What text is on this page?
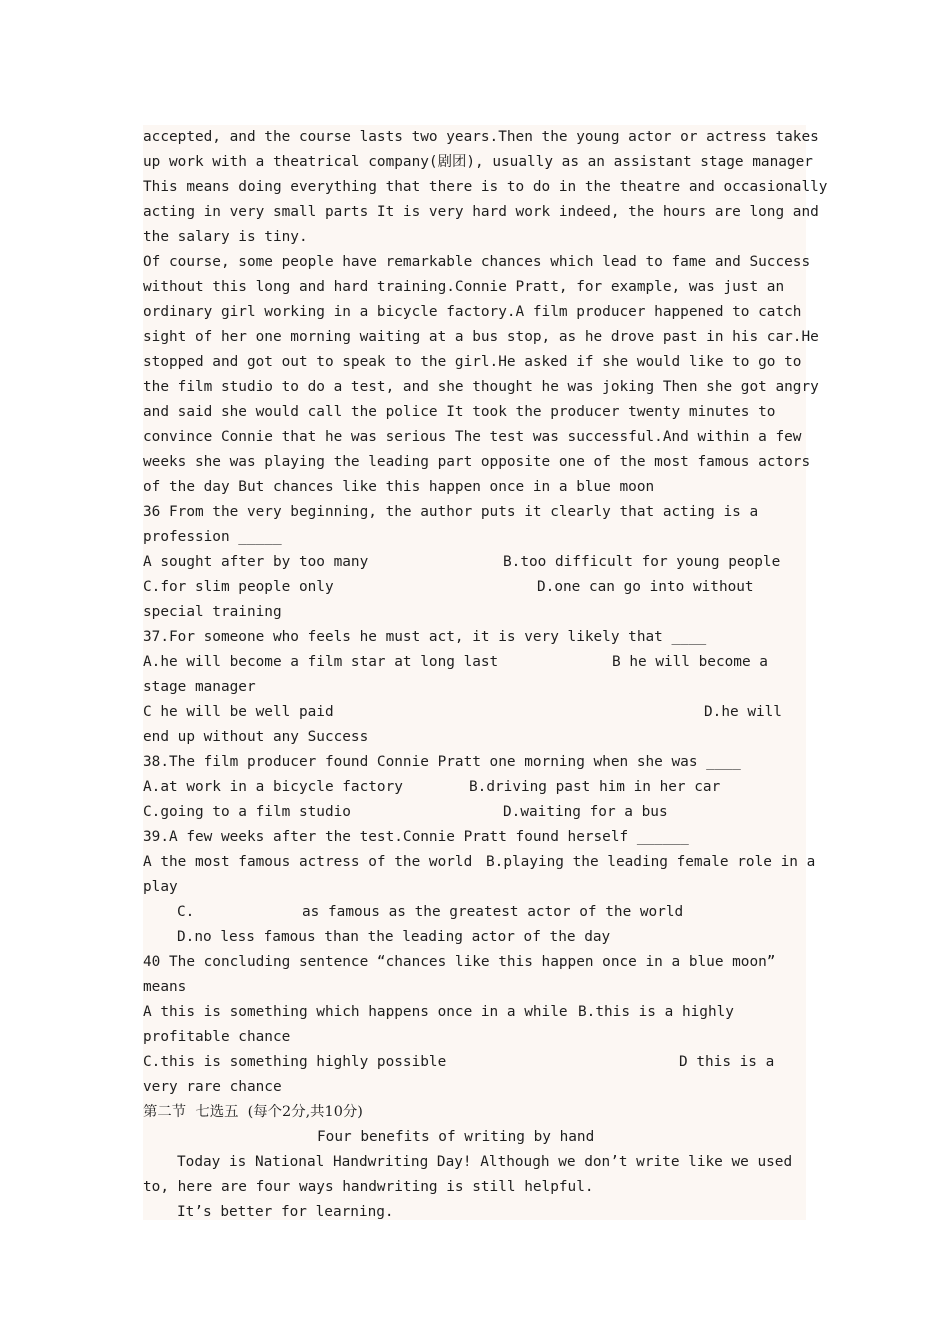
accepted, and the course lasts two years.Then the young actor or actress takes
up work with a theatrical company(剧团), usually as an assistant stage manager
This means doing everything that there is to do in the theatre and occasionally
acting in very small parts It is very hard work indeed, the hours are long and
the salary is tiny.
Of course, some people have remarkable chances which lead to fame and Success
without this long and hard training.Connie Pratt, for example, was just an
ordinary girl working in a bicycle factory.A film producer happened to catch
sight of her one morning waiting at a bus stop, as he drove past in his car.He
stopped and got out to speak to the girl.He asked if she would like to go to
the film studio to do a test, and she thought he was joking Then she got angry
and said she would call the police It took the producer twenty minutes to
convince Connie that he was serious The test was successful.And within a few
weeks she was playing the leading part opposite one of the most famous actors
of the day But chances like this happen once in a blue moon
36 From the very beginning, the author puts it clearly that acting is a
profession _____
A sought after by too many	B.too difficult for young people
C.for slim people only	D.one can go into without
special training
37.For someone who feels he must act, it is very likely that ____
A.he will become a film star at long last	B he will become a
stage manager
C he will be well paid	D.he will
end up without any Success
38.The film producer found Connie Pratt one morning when she was ____
A.at work in a bicycle factory	B.driving past him in her car
C.going to a film studio	D.waiting for a bus
39.A few weeks after the test.Connie Pratt found herself ______
A the most famous actress of the world B.playing the leading female role in a
play
C.	as famous as the greatest actor of the world
D.no less famous than the leading actor of the day
40 The concluding sentence “chances like this happen once in a blue moon”
means
A this is something which happens once in a while B.this is a highly
profitable chance
C.this is something highly possible	D this is a
very rare chance
第二节  七选五  (每个2分,共10分)
Four benefits of writing by hand
Today is National Handwriting Day! Although we don’t write like we used
to, here are four ways handwriting is still helpful.
It’s better for learning.
